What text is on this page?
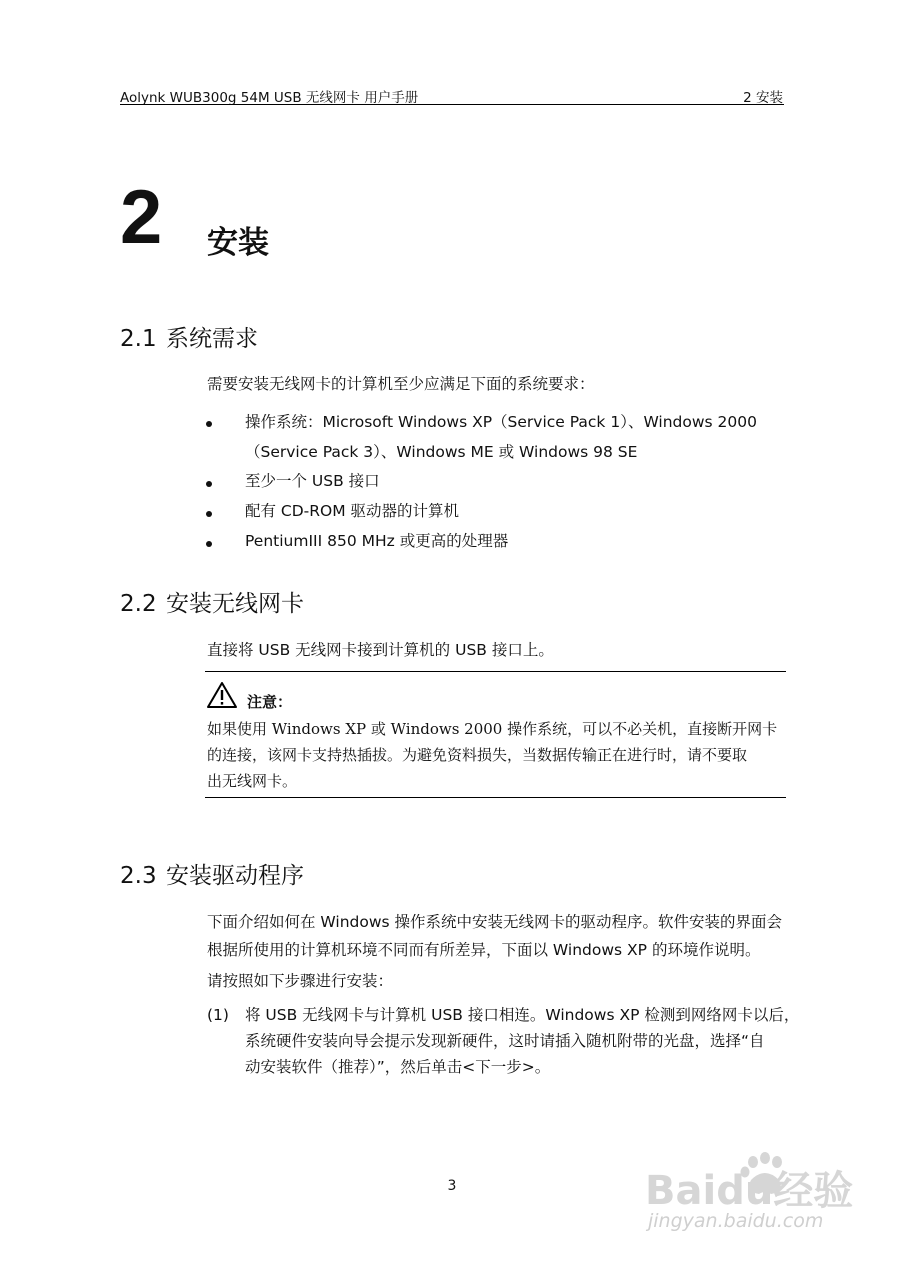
Aolynk WUB300g 54M USB 无线网卡 用户手册	2 安装
2 安装
2.1 系统需求
需要安装无线网卡的计算机至少应满足下面的系统要求：
操作系统：Microsoft Windows XP（Service Pack 1）、Windows 2000（Service Pack 3）、Windows ME 或 Windows 98 SE
至少一个 USB 接口
配有 CD-ROM 驱动器的计算机
PentiumIII 850 MHz 或更高的处理器
2.2 安装无线网卡
直接将 USB 无线网卡接到计算机的 USB 接口上。
注意：
如果使用 Windows XP 或 Windows 2000 操作系统，可以不必关机，直接断开网卡
的连接，该网卡支持热插拔。为避免资料损失，当数据传输正在进行时，请不要取
出无线网卡。
2.3 安装驱动程序
下面介绍如何在 Windows 操作系统中安装无线网卡的驱动程序。软件安装的界面会
根据所使用的计算机环境不同而有所差异，下面以 Windows XP 的环境作说明。
请按照如下步骤进行安装：
(1) 将 USB 无线网卡与计算机 USB 接口相连。Windows XP 检测到网络网卡以后，
系统硬件安装向导会提示发现新硬件，这时请插入随机附带的光盘，选择“自
动安装软件（推荐）”，然后单击<下一步>。
3	Baidu经验
jingyan.baidu.com
